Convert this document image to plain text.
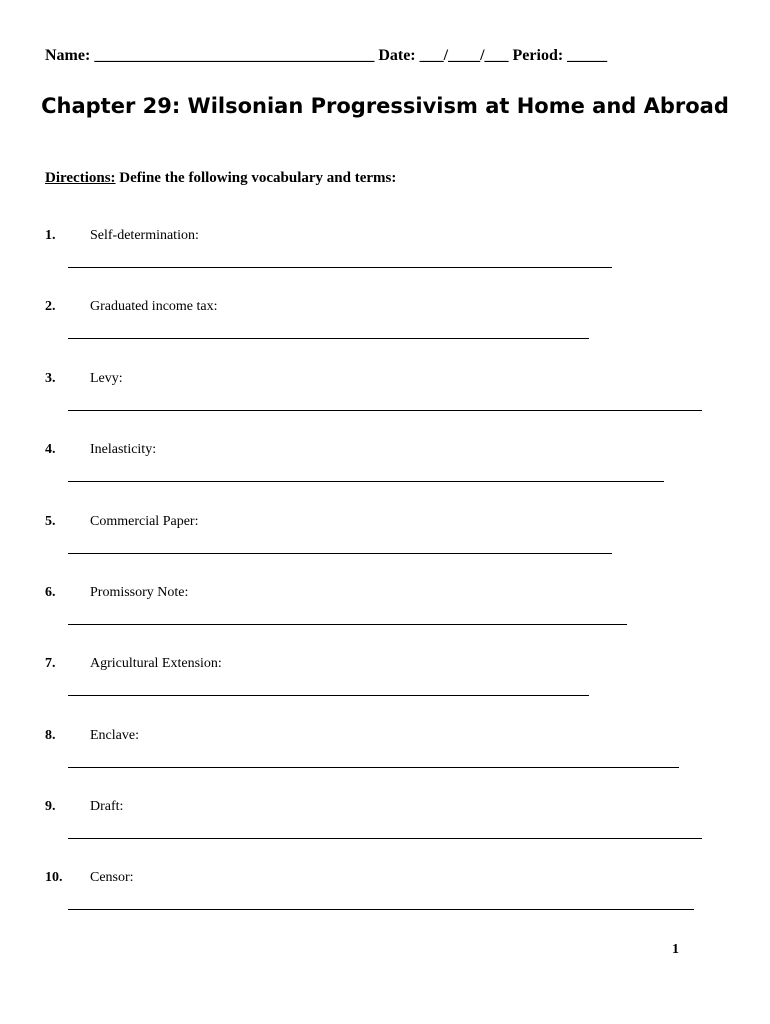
Name: ___________________________________ Date: ___/____/___ Period: _____
Chapter 29: Wilsonian Progressivism at Home and Abroad
Directions: Define the following vocabulary and terms:
1. Self-determination:
2. Graduated income tax:
3. Levy:
4. Inelasticity:
5. Commercial Paper:
6. Promissory Note:
7. Agricultural Extension:
8. Enclave:
9. Draft:
10. Censor:
1
